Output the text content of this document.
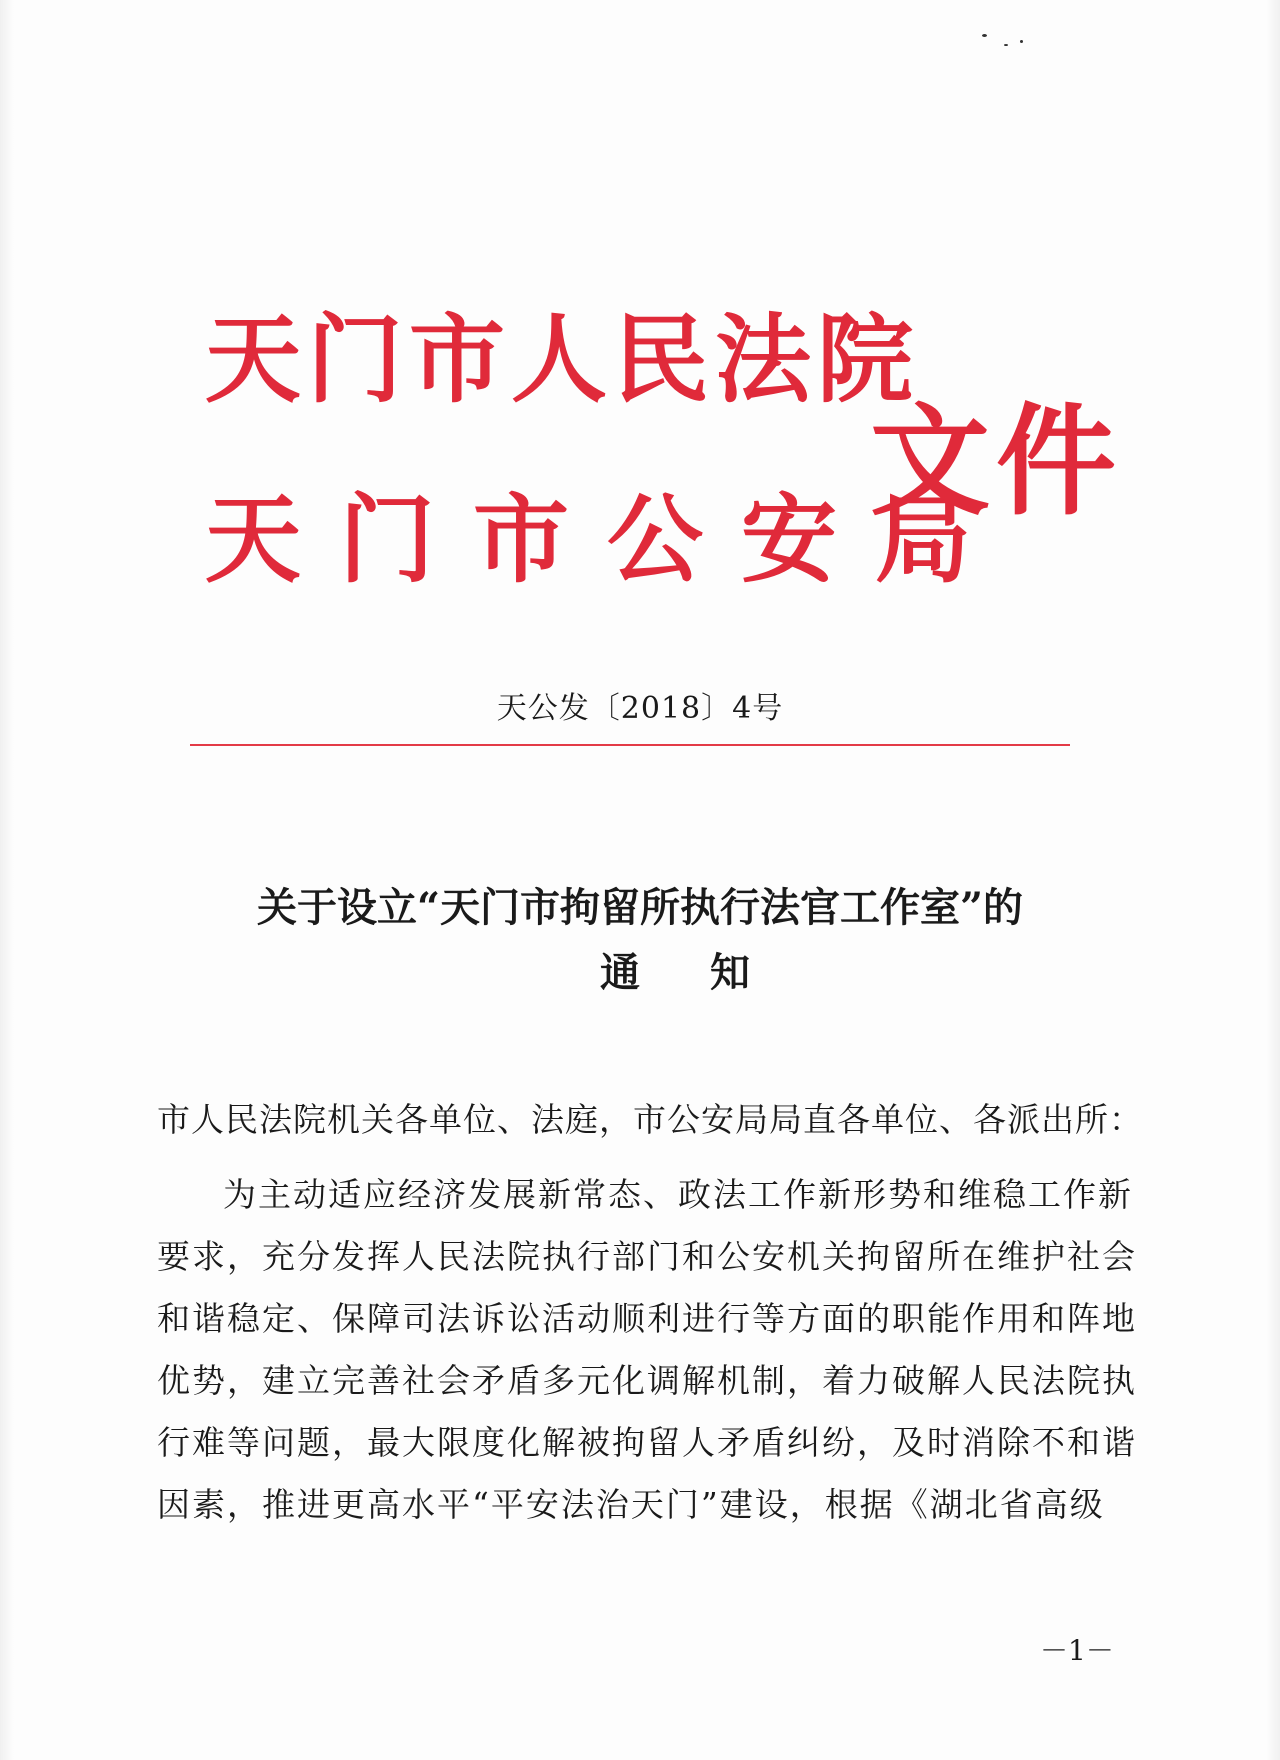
天门市人民法院
天门市公安局
文件
天公发〔2018〕4号
关于设立“天门市拘留所执行法官工作室”的
通知
市人民法院机关各单位、法庭，市公安局局直各单位、各派出所：
为主动适应经济发展新常态、政法工作新形势和维稳工作新
要求，充分发挥人民法院执行部门和公安机关拘留所在维护社会
和谐稳定、保障司法诉讼活动顺利进行等方面的职能作用和阵地
优势，建立完善社会矛盾多元化调解机制，着力破解人民法院执
行难等问题，最大限度化解被拘留人矛盾纠纷，及时消除不和谐
因素，推进更高水平“平安法治天门”建设，根据《湖北省高级
－1－
